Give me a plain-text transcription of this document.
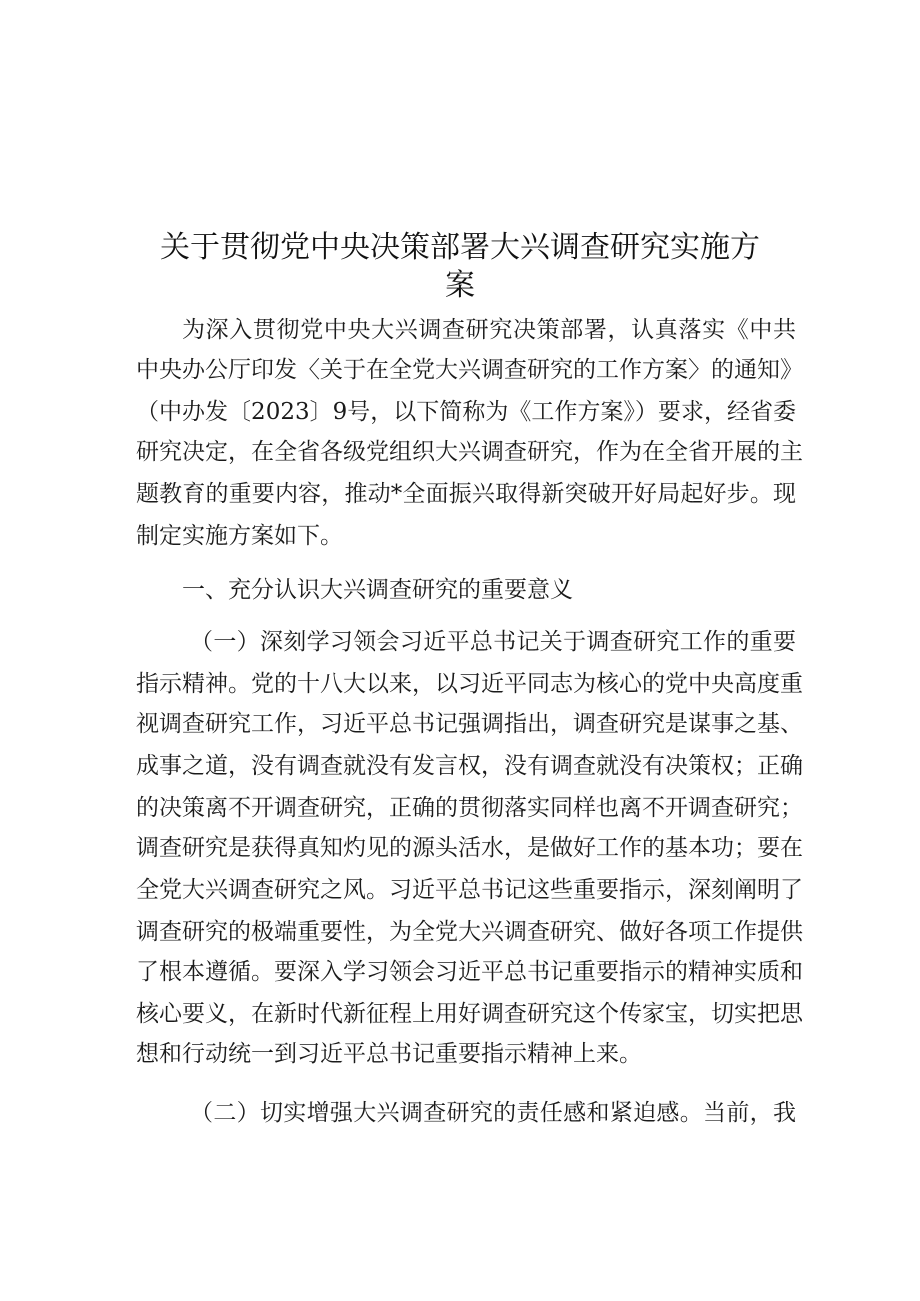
关于贯彻党中央决策部署大兴调查研究实施方
案
为深入贯彻党中央大兴调查研究决策部署，认真落实《中共
中央办公厅印发〈关于在全党大兴调查研究的工作方案〉的通知》
（中办发〔2023〕9号，以下简称为《工作方案》）要求，经省委
研究决定，在全省各级党组织大兴调查研究，作为在全省开展的主
题教育的重要内容，推动*全面振兴取得新突破开好局起好步。现
制定实施方案如下。
一、充分认识大兴调查研究的重要意义
（一）深刻学习领会习近平总书记关于调查研究工作的重要
指示精神。党的十八大以来，以习近平同志为核心的党中央高度重
视调查研究工作，习近平总书记强调指出，调查研究是谋事之基、
成事之道，没有调查就没有发言权，没有调查就没有决策权；正确
的决策离不开调查研究，正确的贯彻落实同样也离不开调查研究；
调查研究是获得真知灼见的源头活水，是做好工作的基本功；要在
全党大兴调查研究之风。习近平总书记这些重要指示，深刻阐明了
调查研究的极端重要性，为全党大兴调查研究、做好各项工作提供
了根本遵循。要深入学习领会习近平总书记重要指示的精神实质和
核心要义，在新时代新征程上用好调查研究这个传家宝，切实把思
想和行动统一到习近平总书记重要指示精神上来。
（二）切实增强大兴调查研究的责任感和紧迫感。当前，我
